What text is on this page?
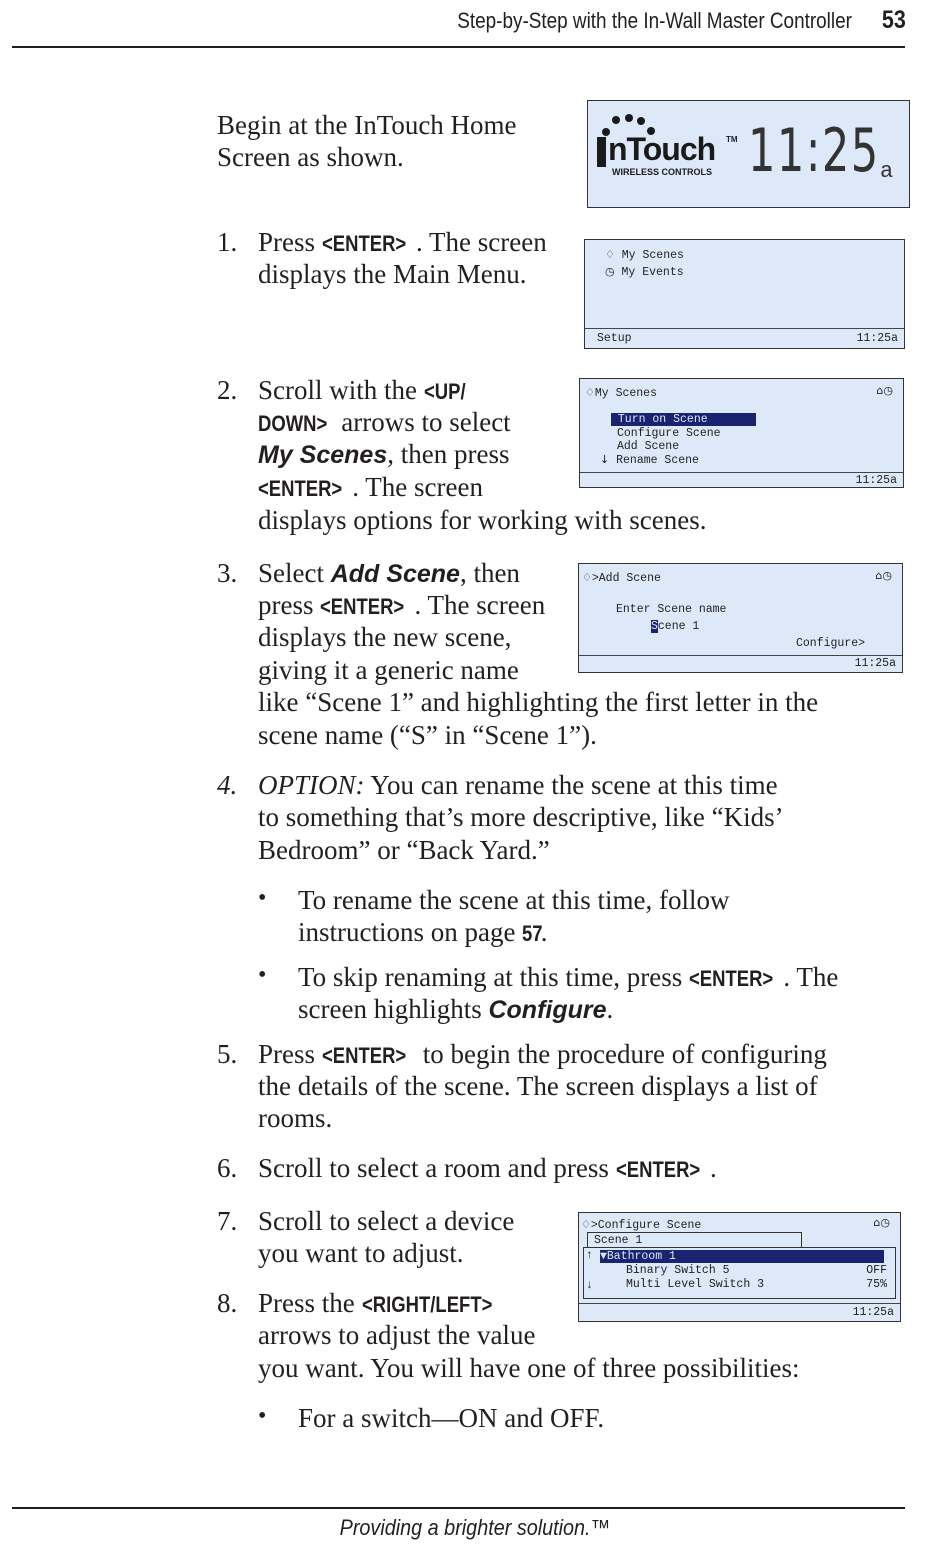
Step-by-Step with the In-Wall Master Controller 53
Begin at the InTouch Home
Screen as shown.	nTouch TM
WIRELESS CONTROLS 11:25 a
1. Press <ENTER> . The screen
displays the Main Menu.
♢ My Scenes
◷ My Events
Setup	11:25a
2. Scroll with the <UP/
DOWN> arrows to select
My Scenes, then press
<ENTER> . The screen
displays options for working with scenes.
♢My Scenes	⌂◷
Turn on Scene
Configure Scene
Add Scene
↓ Rename Scene
11:25a
3. Select Add Scene, then
press <ENTER> . The screen
displays the new scene,
giving it a generic name
like “Scene 1” and highlighting the first letter in the
scene name (“S” in “Scene 1”).
♢>Add Scene	⌂◷
Enter Scene name
Scene 1
Configure>
11:25a
4. OPTION: You can rename the scene at this time
to something that’s more descriptive, like “Kids’
Bedroom” or “Back Yard.”
• To rename the scene at this time, follow
instructions on page 57.
• To skip renaming at this time, press <ENTER> . The
screen highlights Configure.
5. Press <ENTER> to begin the procedure of configuring
the details of the scene. The screen displays a list of
rooms.
6. Scroll to select a room and press <ENTER> .
7. Scroll to select a device
you want to adjust.
8. Press the <RIGHT/LEFT>
arrows to adjust the value
you want. You will have one of three possibilities:
• For a switch—ON and OFF.
♢>Configure Scene	⌂◷
Scene 1
▼Bathroom 1
↑
Binary Switch 5	OFF
↓	Multi Level Switch 3	75%
11:25a
Providing a brighter solution.™
